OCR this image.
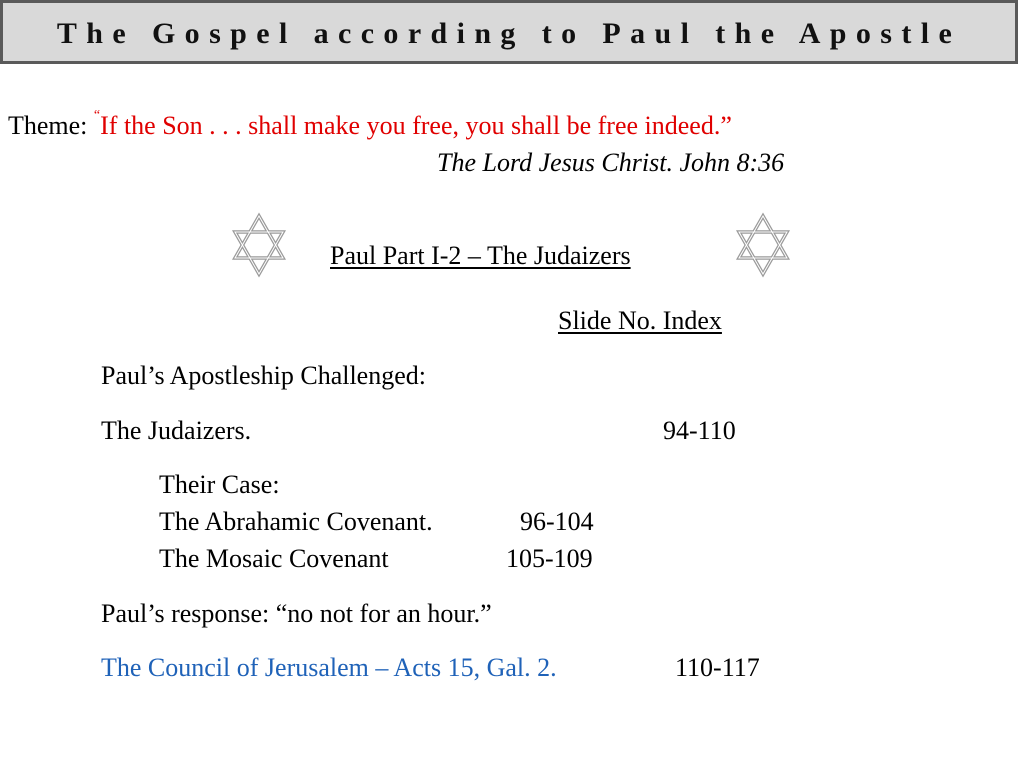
The Gospel according to Paul the Apostle
Theme: “If the Son . . . shall make you free, you shall be free indeed.”
The Lord Jesus Christ. John 8:36
Paul Part I-2 – The Judaizers
Slide No. Index
Paul’s Apostleship Challenged:
The Judaizers.	94-110
Their Case:
The Abrahamic Covenant.	96-104
The Mosaic Covenant	105-109
Paul’s response: “no not for an hour.”
The Council of Jerusalem – Acts 15, Gal. 2.	110-117
